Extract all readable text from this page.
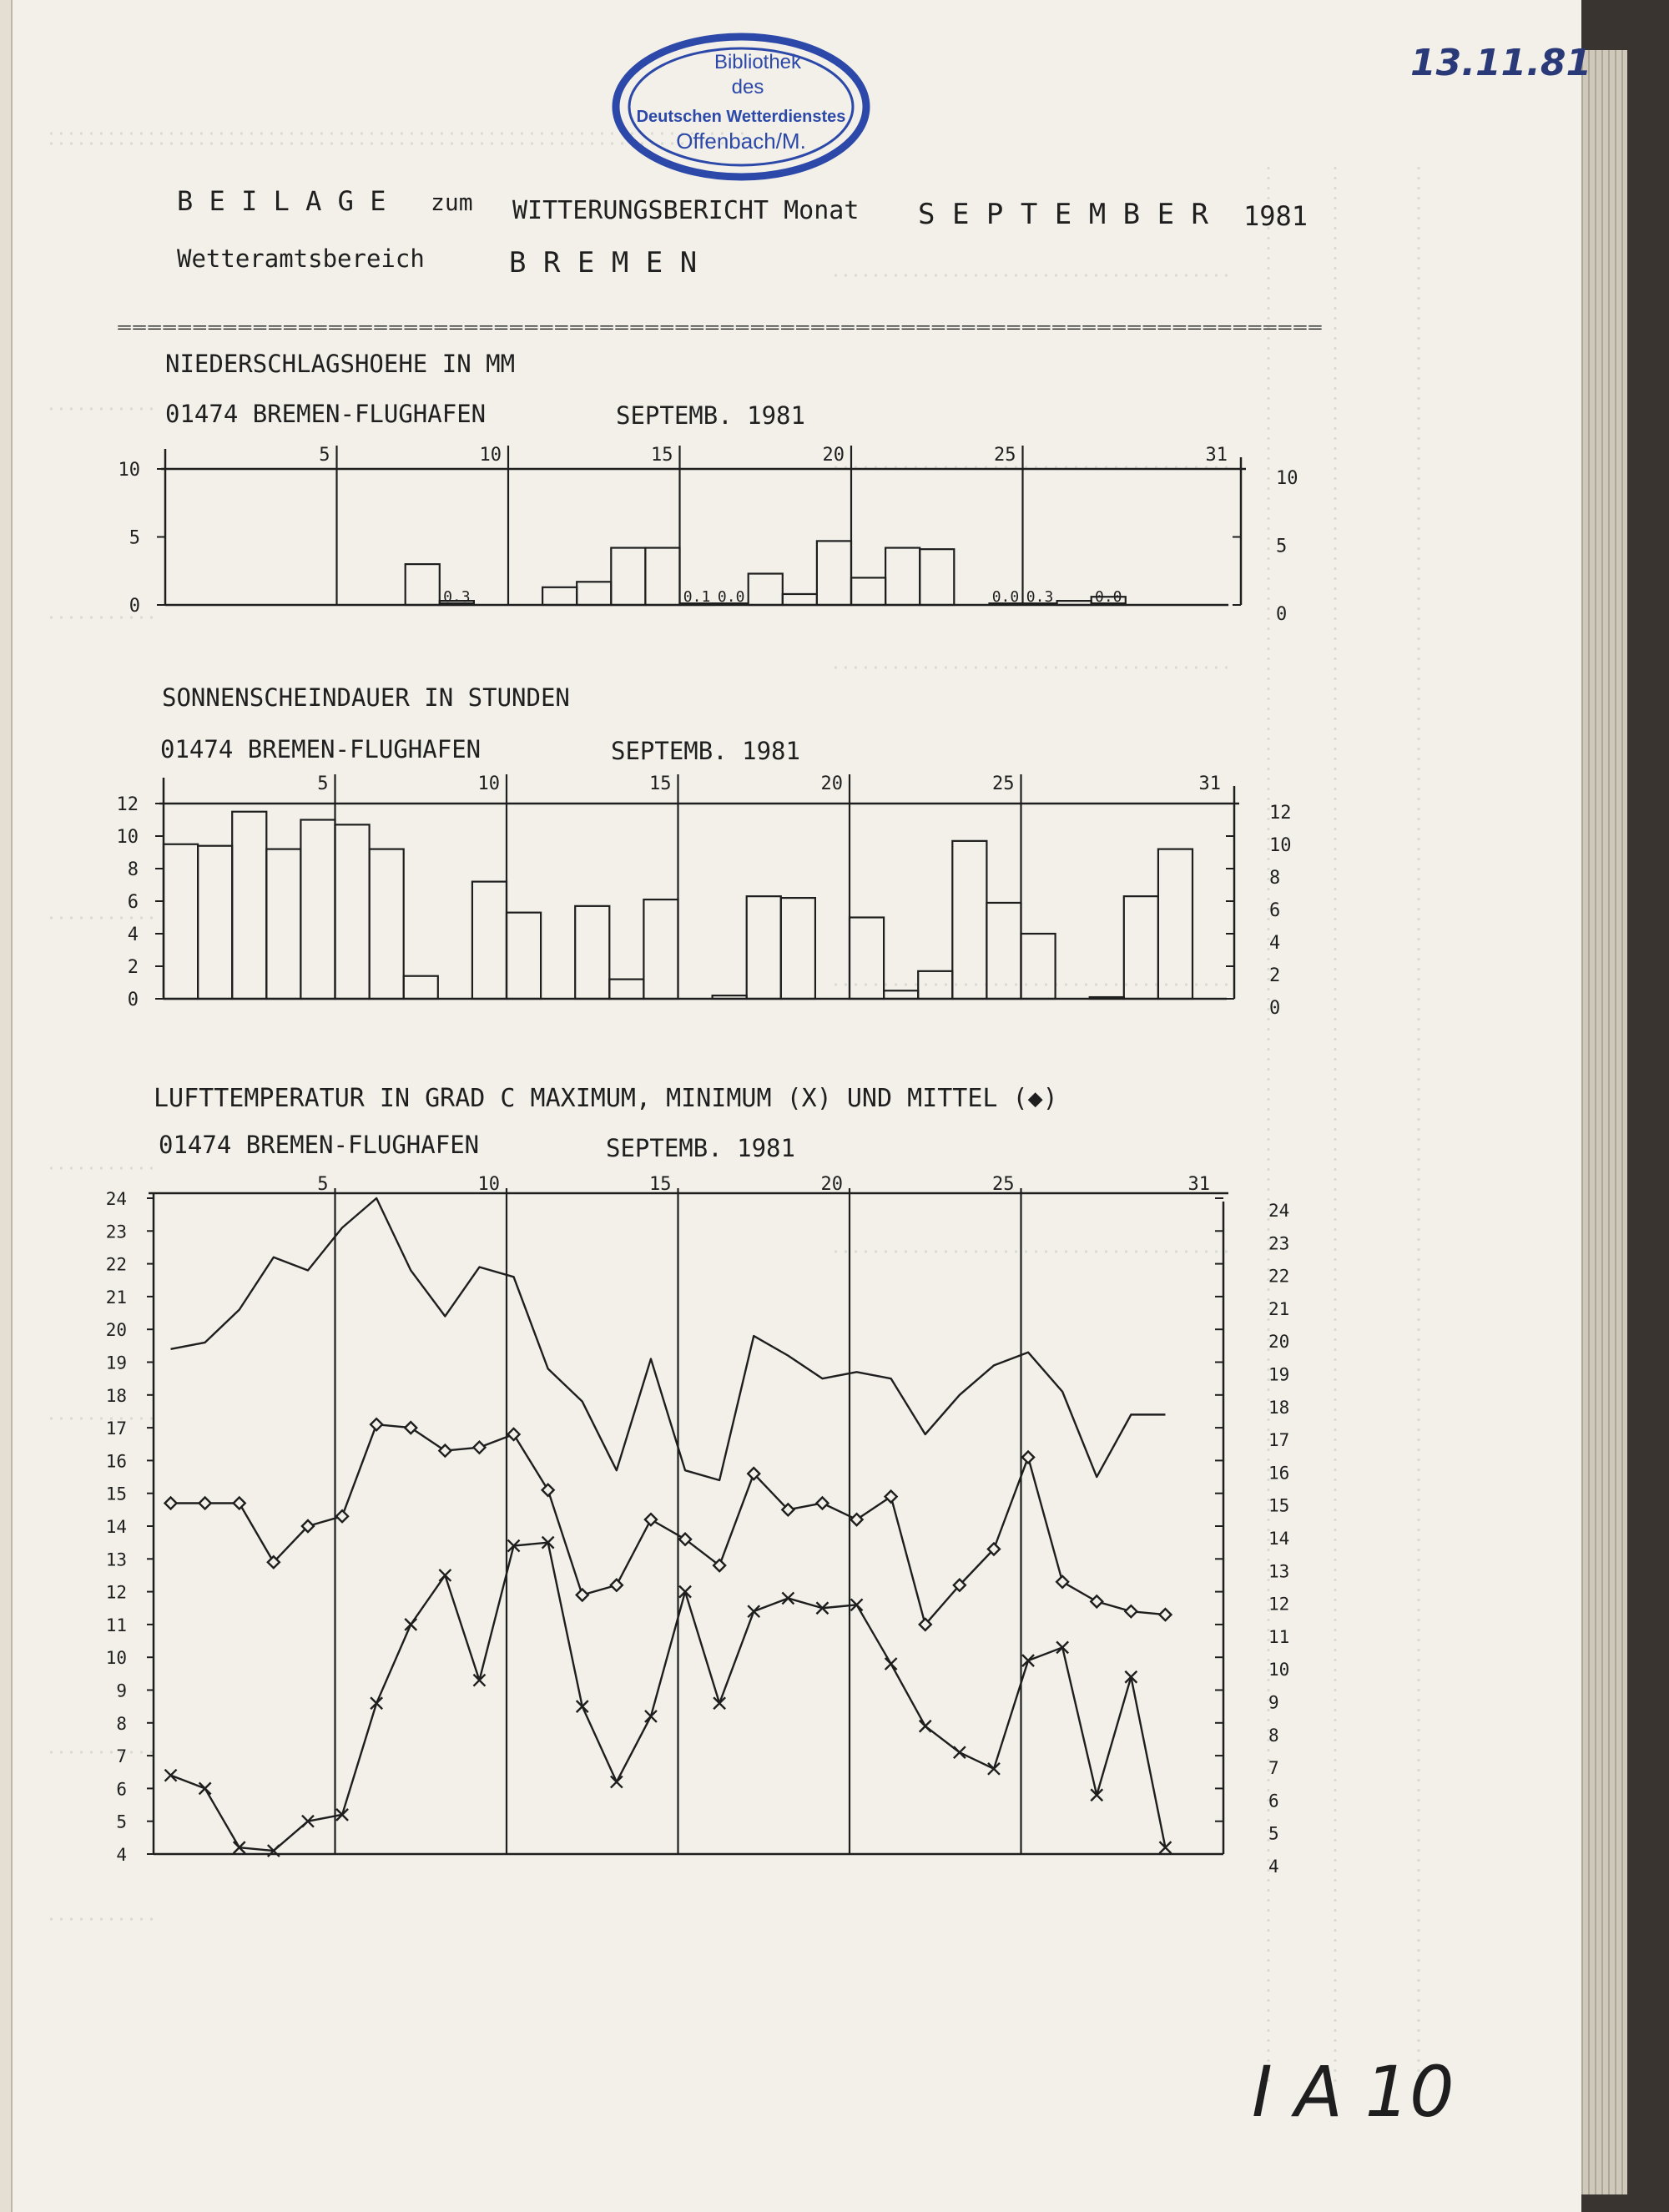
Bibliothek
des
Deutschen Wetterdienstes
Offenbach/M.
13.11.81
B E I L A G E zum WITTERUNGSBERICHT Monat S E P T E M B E R 1981
Wetteramtsbereich	B R E M E N
================================================================================
NIEDERSCHLAGSHOEHE IN MM
01474 BREMEN-FLUGHAFEN	SEPTEMB. 1981
0.3	0.1 0.0	0.0 0.3	0.0
5	10	15	20	25	31
10
5
0
10
5
0
SONNENSCHEINDAUER IN STUNDEN
01474 BREMEN-FLUGHAFEN	SEPTEMB. 1981
5	10	15	20	25	31
12
10
8
6
4
2
0
12
10
8
6
4
2
0
LUFTTEMPERATUR IN GRAD C MAXIMUM, MINIMUM (X) UND MITTEL (◆)
01474 BREMEN-FLUGHAFEN	SEPTEMB. 1981
5	10	15	20	25	31
24
23
22
21
20
19
18
17
16
15
14
13
12
11
10
9
8
7
6
5
4
24
23
22
21
20
19
18
17
16
15
14
13
12
11
10
9
8
7
6
5
4
I A 10
